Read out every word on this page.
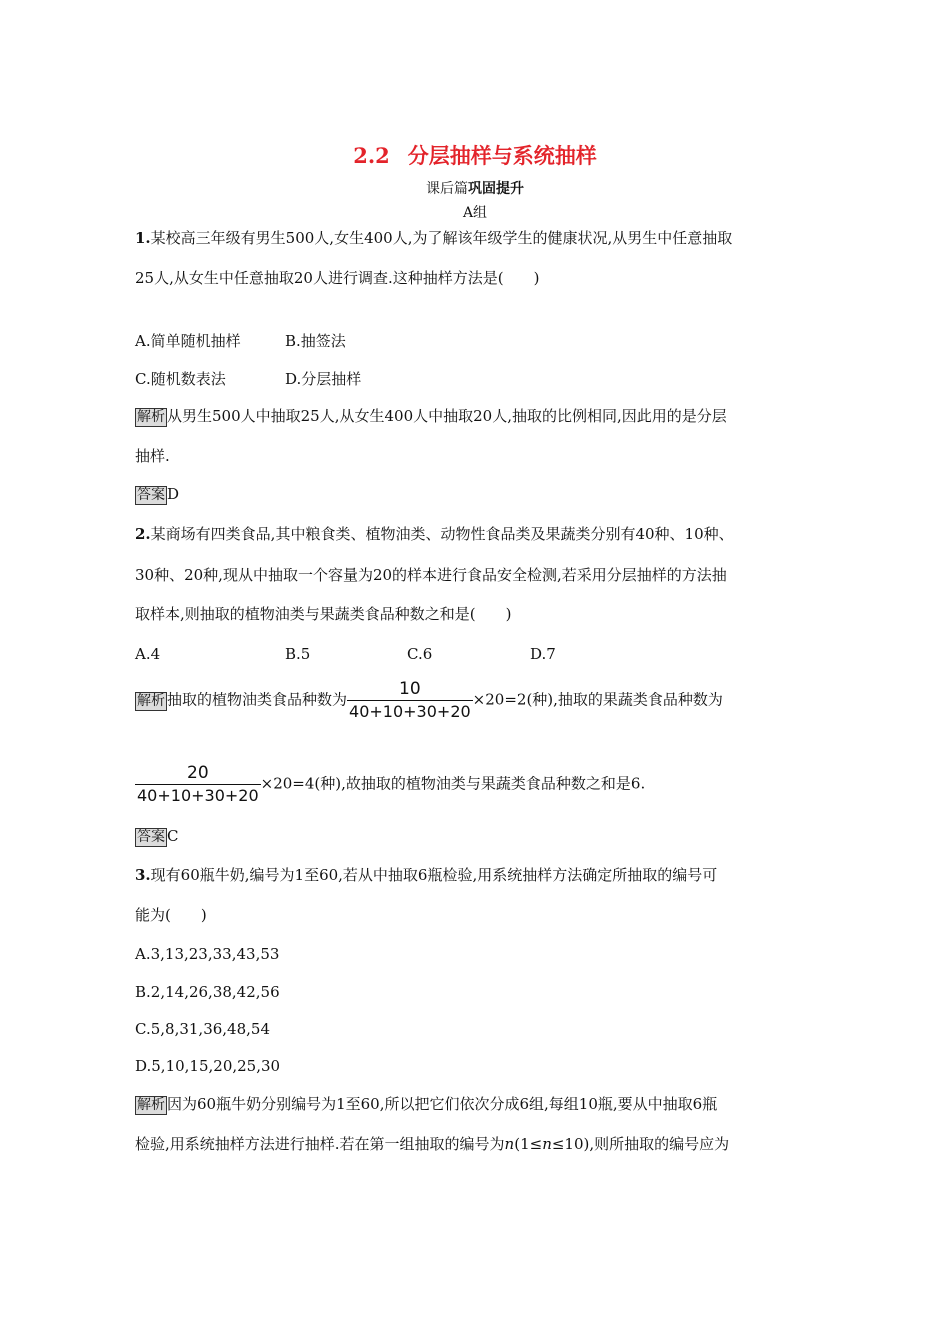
2.2 分层抽样与系统抽样
课后篇巩固提升
A组
1.某校高三年级有男生500人,女生400人,为了解该年级学生的健康状况,从男生中任意抽取
25人,从女生中任意抽取20人进行调查.这种抽样方法是(　　)
A.简单随机抽样	B.抽签法
C.随机数表法	D.分层抽样
解析 从男生500人中抽取25人,从女生400人中抽取20人,抽取的比例相同,因此用的是分层
抽样.
答案 D
2.某商场有四类食品,其中粮食类、植物油类、动物性食品类及果蔬类分别有40种、10种、
30种、20种,现从中抽取一个容量为20的样本进行食品安全检测,若采用分层抽样的方法抽
取样本,则抽取的植物油类与果蔬类食品种数之和是(　　)
A.4	B.5	C.6	D.7
解析 抽取的植物油类食品种数为 $\frac{10}{40+10+30+20} \times 20=2$(种),抽取的果蔬类食品种数为
$\frac{20}{40+10+30+20} \times 20=4$(种),故抽取的植物油类与果蔬类食品种数之和是6.
答案 C
3.现有60瓶牛奶,编号为1至60,若从中抽取6瓶检验,用系统抽样方法确定所抽取的编号可
能为(　　)
A.3,13,23,33,43,53
B.2,14,26,38,42,56
C.5,8,31,36,48,54
D.5,10,15,20,25,30
解析 因为60瓶牛奶分别编号为1至60,所以把它们依次分成6组,每组10瓶,要从中抽取6瓶
检验,用系统抽样方法进行抽样.若在第一组抽取的编号为n(1≤n≤10),则所抽取的编号应为
